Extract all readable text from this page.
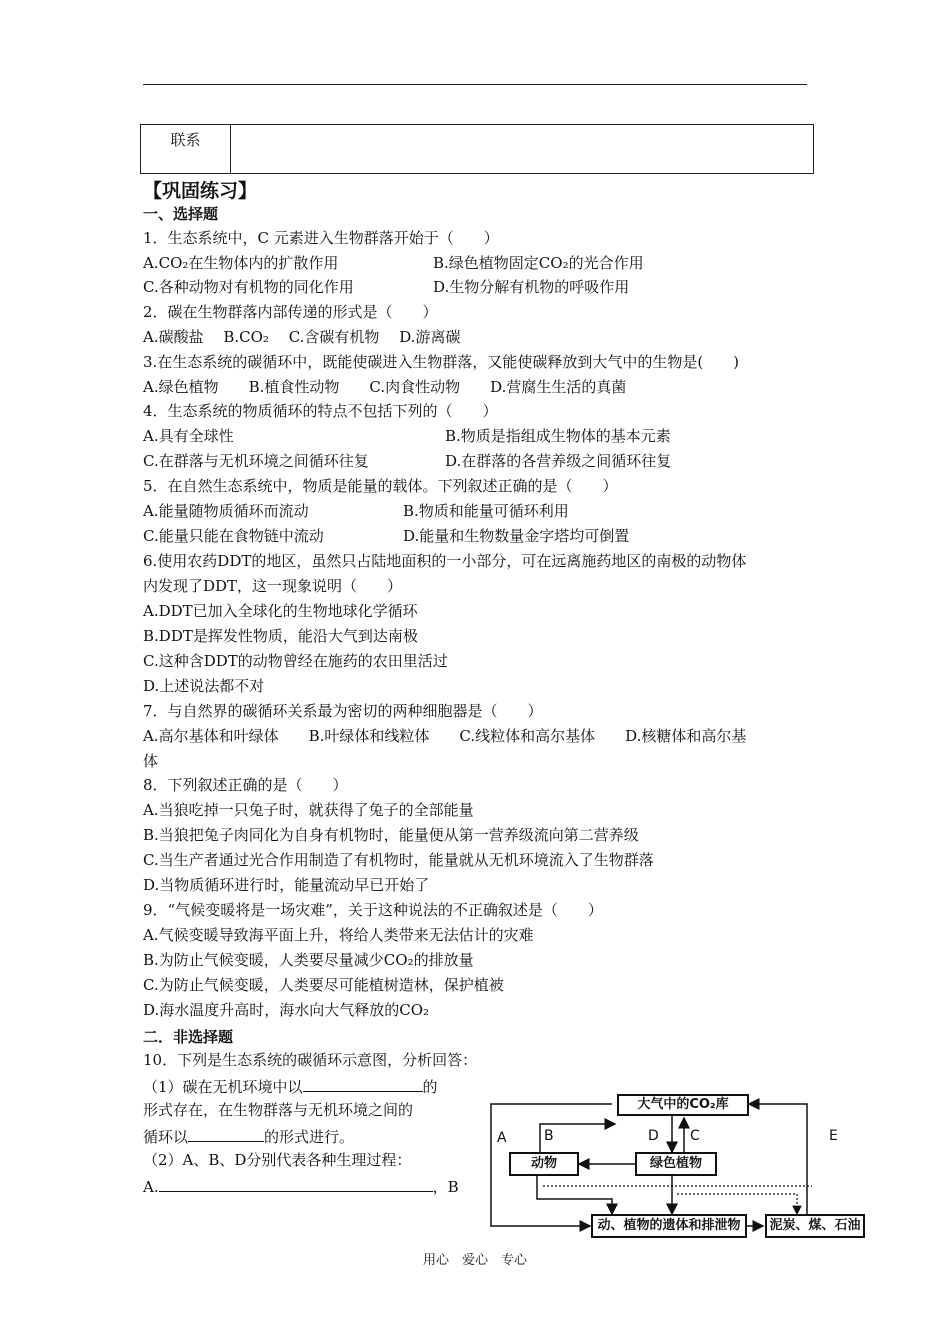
联系
【巩固练习】
一、选择题
1．生态系统中，C 元素进入生物群落开始于（　　）
A.CO₂在生物体内的扩散作用	B.绿色植物固定CO₂的光合作用
C.各种动物对有机物的同化作用	D.生物分解有机物的呼吸作用
2．碳在生物群落内部传递的形式是（　　）
A.碳酸盐　 B.CO₂　 C.含碳有机物　 D.游离碳
3.在生态系统的碳循环中，既能使碳进入生物群落，又能使碳释放到大气中的生物是(　　)
A.绿色植物　　B.植食性动物　　C.肉食性动物　　D.营腐生生活的真菌
4．生态系统的物质循环的特点不包括下列的（　　）
A.具有全球性	B.物质是指组成生物体的基本元素
C.在群落与无机环境之间循环往复	D.在群落的各营养级之间循环往复
5．在自然生态系统中，物质是能量的载体。下列叙述正确的是（　　）
A.能量随物质循环而流动	B.物质和能量可循环利用
C.能量只能在食物链中流动	D.能量和生物数量金字塔均可倒置
6.使用农药DDT的地区，虽然只占陆地面积的一小部分，可在远离施药地区的南极的动物体
内发现了DDT，这一现象说明（　　）
A.DDT已加入全球化的生物地球化学循环
B.DDT是挥发性物质，能沿大气到达南极
C.这种含DDT的动物曾经在施药的农田里活过
D.上述说法都不对
7．与自然界的碳循环关系最为密切的两种细胞器是（　　）
A.高尔基体和叶绿体　　B.叶绿体和线粒体　　C.线粒体和高尔基体　　D.核糖体和高尔基
体
8．下列叙述正确的是（　　）
A.当狼吃掉一只兔子时，就获得了兔子的全部能量
B.当狼把兔子肉同化为自身有机物时，能量便从第一营养级流向第二营养级
C.当生产者通过光合作用制造了有机物时，能量就从无机环境流入了生物群落
D.当物质循环进行时，能量流动早已开始了
9．“气候变暖将是一场灾难”，关于这种说法的不正确叙述是（　　）
A.气候变暖导致海平面上升，将给人类带来无法估计的灾难
B.为防止气候变暖，人类要尽量减少CO₂的排放量
C.为防止气候变暖，人类要尽可能植树造林，保护植被
D.海水温度升高时，海水向大气释放的CO₂
二．非选择题
10．下列是生态系统的碳循环示意图，分析回答：
（1）碳在无机环境中以	的
形式存在，在生物群落与无机环境之间的
循环以	的形式进行。
（2）A、B、D分别代表各种生理过程：
A.	，B
大气中的CO₂库
动物	绿色植物
动、植物的遗体和排泄物	泥炭、煤、石油
A	B	D C	E
用心　爱心　专心
